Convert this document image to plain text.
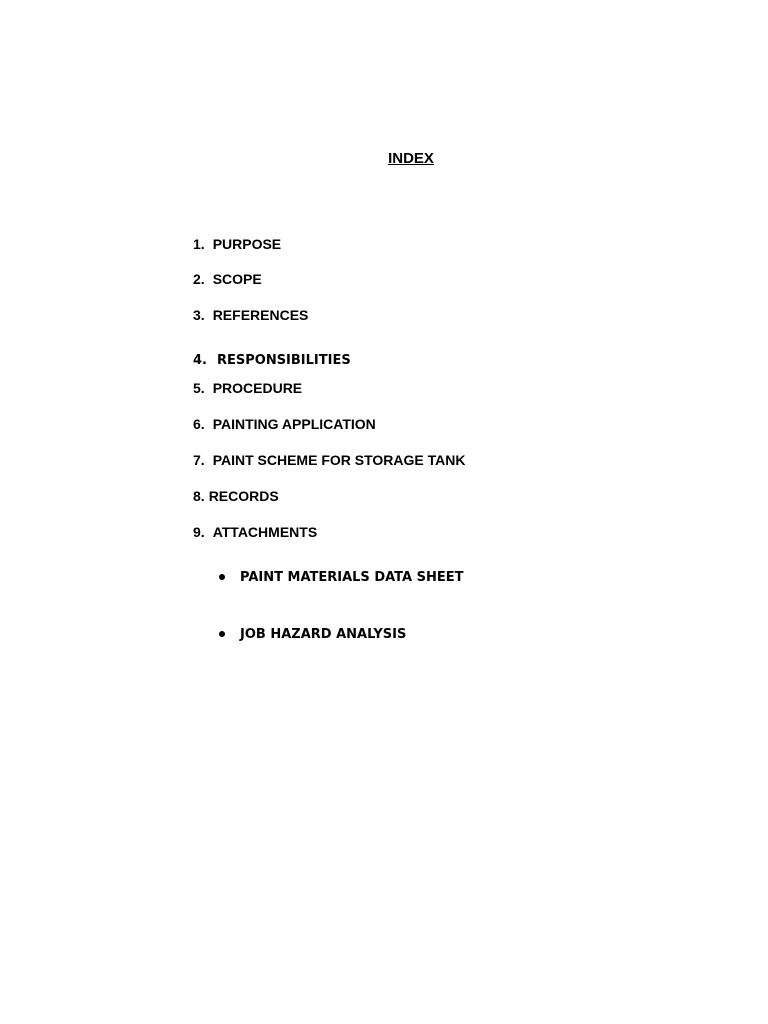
INDEX
1. PURPOSE
2. SCOPE
3. REFERENCES
4. RESPONSIBILITIES
5. PROCEDURE
6. PAINTING APPLICATION
7. PAINT SCHEME FOR STORAGE TANK
8. RECORDS
9. ATTACHMENTS
PAINT MATERIALS DATA SHEET
JOB HAZARD ANALYSIS
